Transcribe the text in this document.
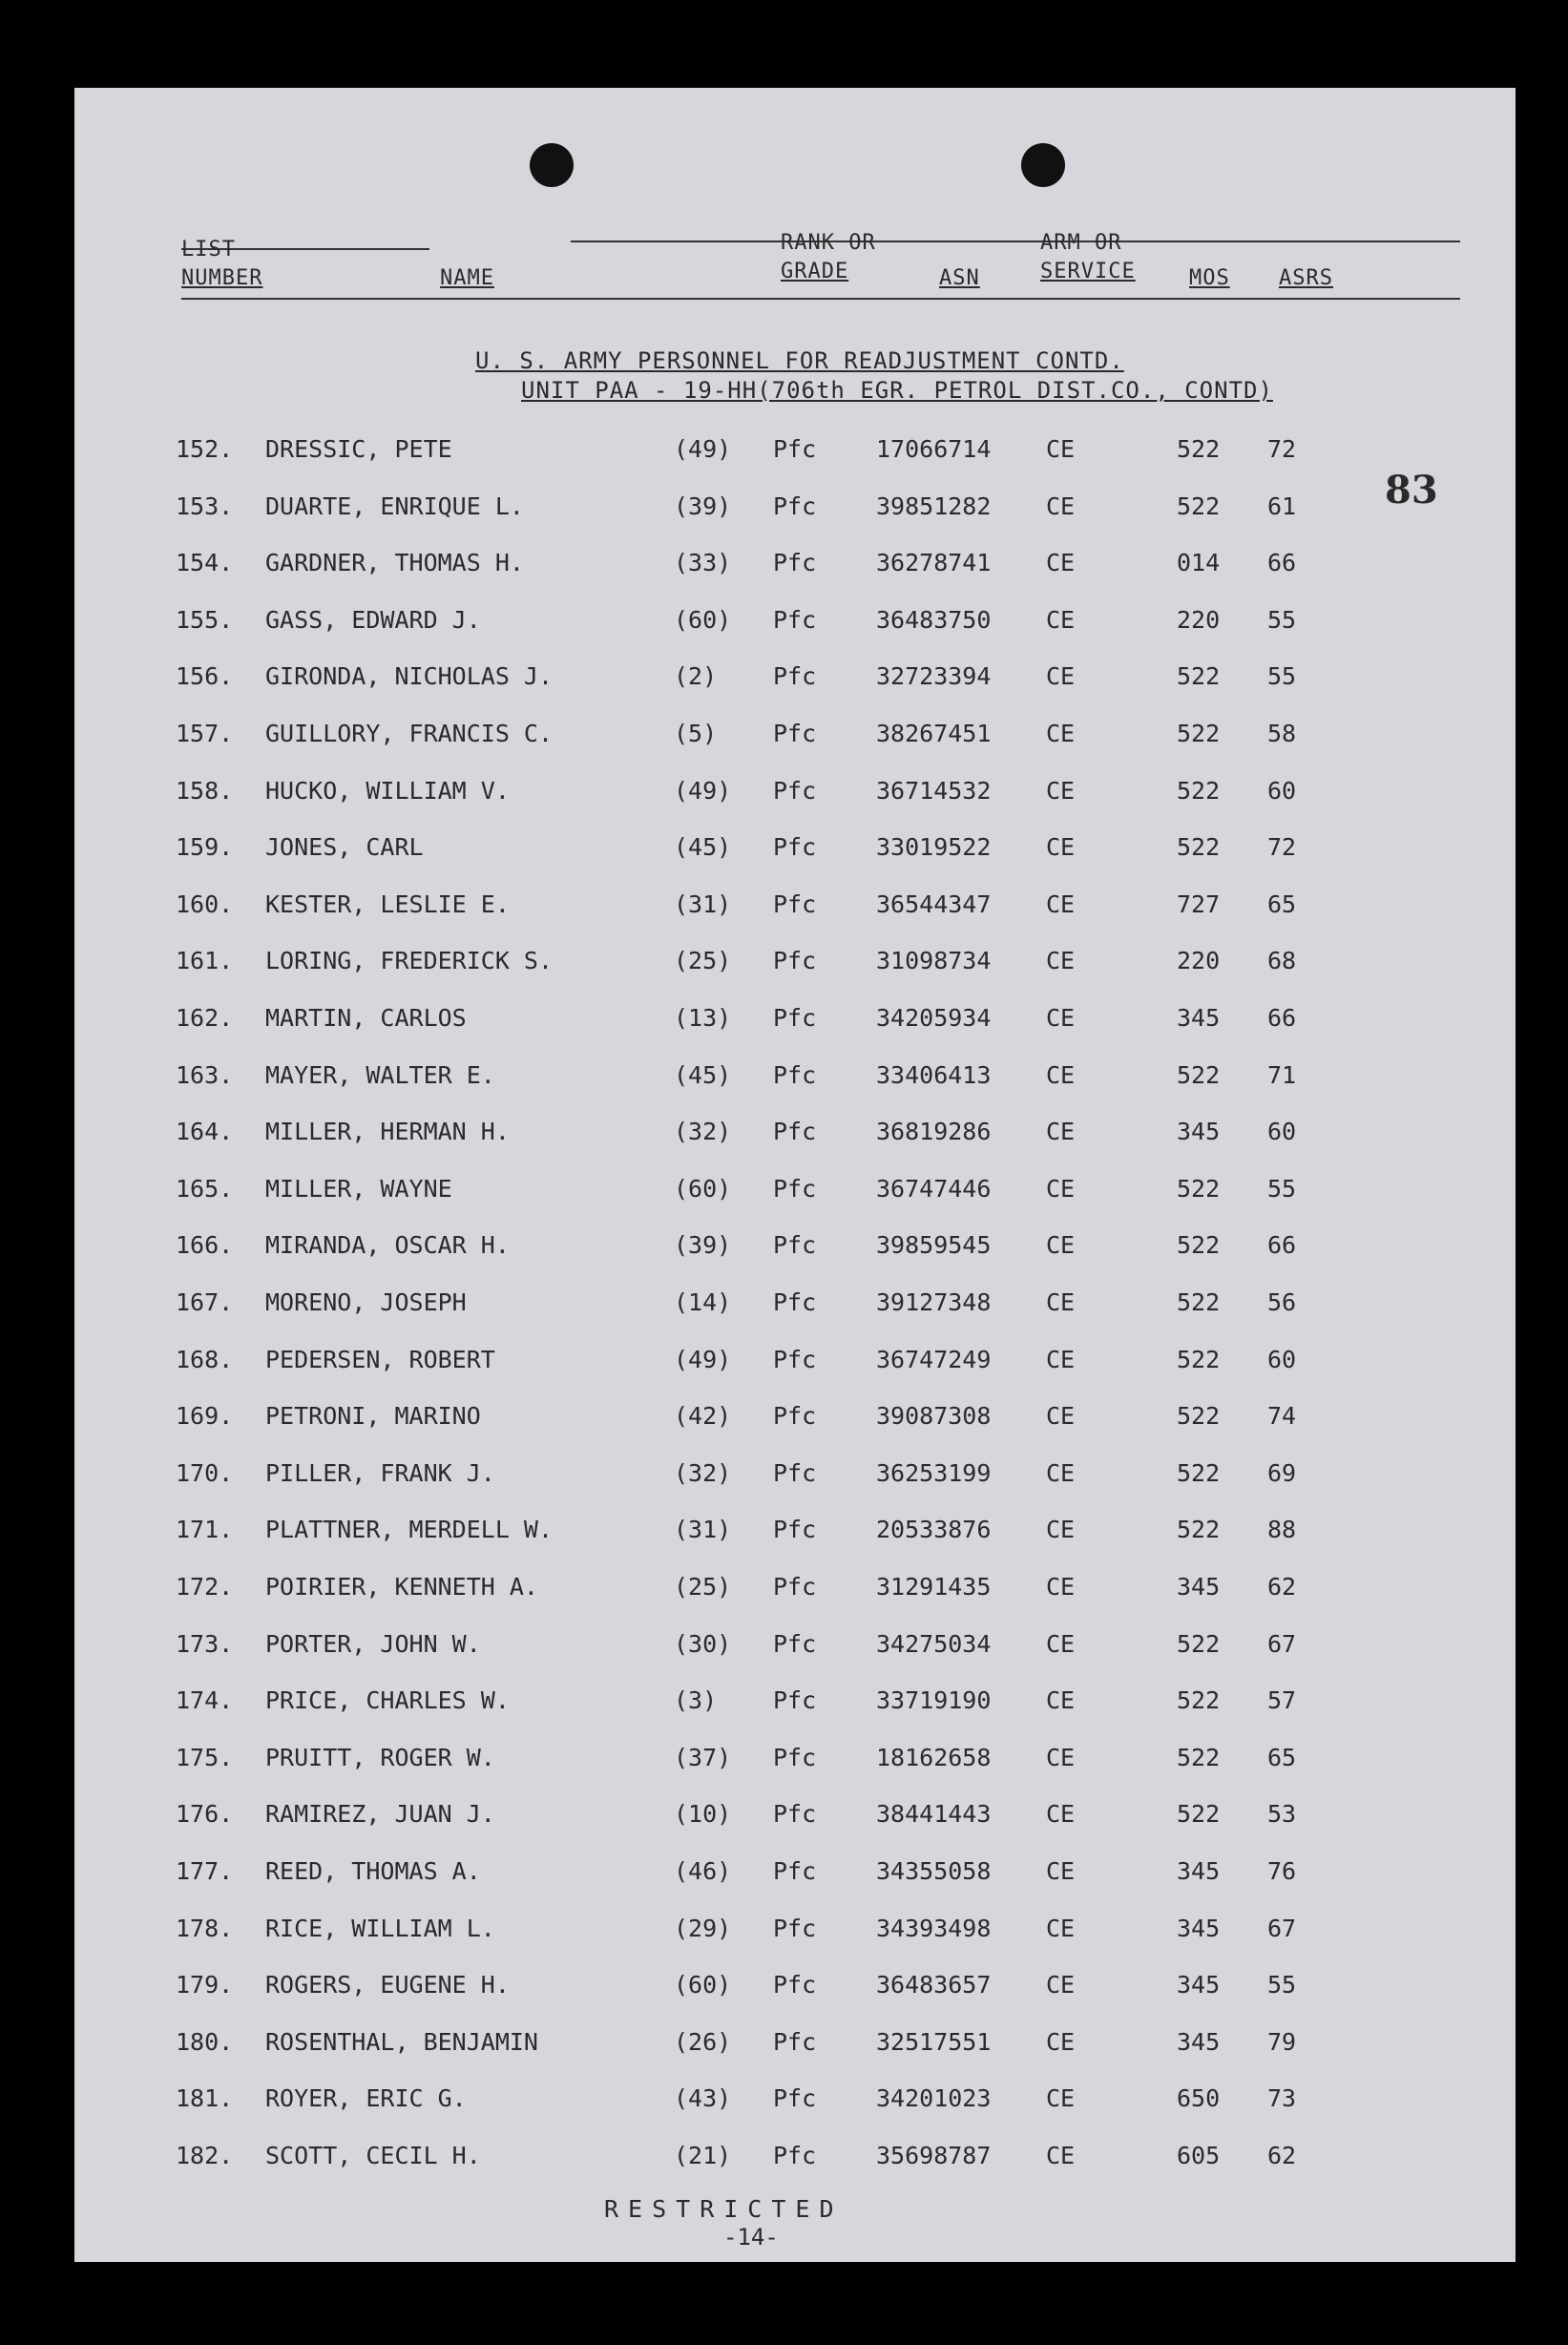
LIST
NUMBER	NAME
RANK OR
GRADE	ASN
ARM OR
SERVICE	MOS ASRS
U. S. ARMY PERSONNEL FOR READJUSTMENT CONTD.
UNIT PAA - 19-HH(706th EGR. PETROL DIST.CO., CONTD)
83
152. DRESSIC, PETE	(49) Pfc	17066714 CE	522 72
153. DUARTE, ENRIQUE L.	(39) Pfc	39851282 CE	522 61
154. GARDNER, THOMAS H.	(33) Pfc	36278741 CE	014 66
155. GASS, EDWARD J.	(60) Pfc	36483750 CE	220 55
156. GIRONDA, NICHOLAS J.	(2) Pfc	32723394 CE	522 55
157. GUILLORY, FRANCIS C.	(5) Pfc	38267451 CE	522 58
158. HUCKO, WILLIAM V.	(49) Pfc	36714532 CE	522 60
159. JONES, CARL	(45) Pfc	33019522 CE	522 72
160. KESTER, LESLIE E.	(31) Pfc	36544347 CE	727 65
161. LORING, FREDERICK S.	(25) Pfc	31098734 CE	220 68
162. MARTIN, CARLOS	(13) Pfc	34205934 CE	345 66
163. MAYER, WALTER E.	(45) Pfc	33406413 CE	522 71
164. MILLER, HERMAN H.	(32) Pfc	36819286 CE	345 60
165. MILLER, WAYNE	(60) Pfc	36747446 CE	522 55
166. MIRANDA, OSCAR H.	(39) Pfc	39859545 CE	522 66
167. MORENO, JOSEPH	(14) Pfc	39127348 CE	522 56
168. PEDERSEN, ROBERT	(49) Pfc	36747249 CE	522 60
169. PETRONI, MARINO	(42) Pfc	39087308 CE	522 74
170. PILLER, FRANK J.	(32) Pfc	36253199 CE	522 69
171. PLATTNER, MERDELL W.	(31) Pfc	20533876 CE	522 88
172. POIRIER, KENNETH A.	(25) Pfc	31291435 CE	345 62
173. PORTER, JOHN W.	(30) Pfc	34275034 CE	522 67
174. PRICE, CHARLES W.	(3) Pfc	33719190 CE	522 57
175. PRUITT, ROGER W.	(37) Pfc	18162658 CE	522 65
176. RAMIREZ, JUAN J.	(10) Pfc	38441443 CE	522 53
177. REED, THOMAS A.	(46) Pfc	34355058 CE	345 76
178. RICE, WILLIAM L.	(29) Pfc	34393498 CE	345 67
179. ROGERS, EUGENE H.	(60) Pfc	36483657 CE	345 55
180. ROSENTHAL, BENJAMIN	(26) Pfc	32517551 CE	345 79
181. ROYER, ERIC G.	(43) Pfc	34201023 CE	650 73
182. SCOTT, CECIL H.	(21) Pfc	35698787 CE	605 62
RESTRICTED
-14-
